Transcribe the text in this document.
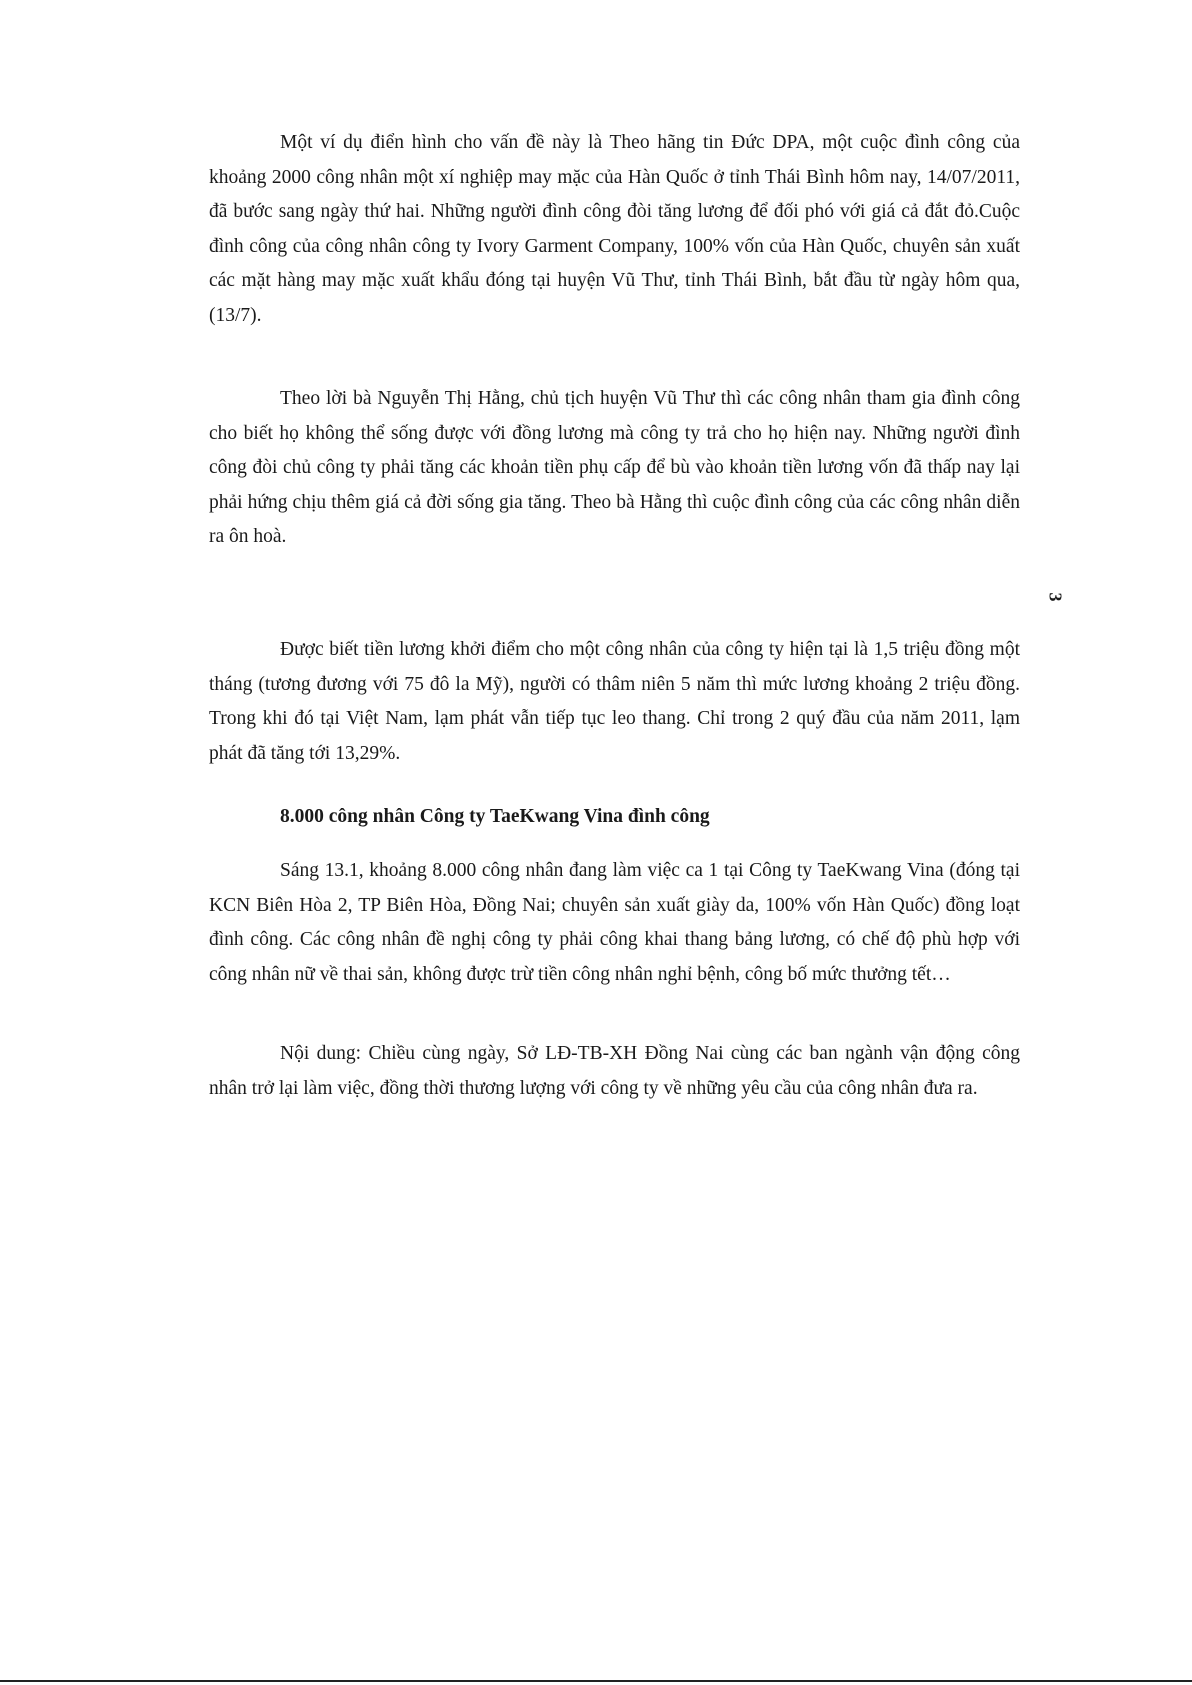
Một ví dụ điển hình cho vấn đề này là Theo hãng tin Đức DPA, một cuộc đình công của khoảng 2000 công nhân một xí nghiệp may mặc của Hàn Quốc ở tỉnh Thái Bình hôm nay, 14/07/2011, đã bước sang ngày thứ hai. Những người đình công đòi tăng lương để đối phó với giá cả đắt đỏ.Cuộc đình công của công nhân công ty Ivory Garment Company, 100% vốn của Hàn Quốc, chuyên sản xuất các mặt hàng may mặc xuất khẩu đóng tại huyện Vũ Thư, tỉnh Thái Bình, bắt đầu từ ngày hôm qua, (13/7).

Theo lời bà Nguyễn Thị Hằng, chủ tịch huyện Vũ Thư thì các công nhân tham gia đình công cho biết họ không thể sống được với đồng lương mà công ty trả cho họ hiện nay. Những người đình công đòi chủ công ty phải tăng các khoản tiền phụ cấp để bù vào khoản tiền lương vốn đã thấp nay lại phải hứng chịu thêm giá cả đời sống gia tăng. Theo bà Hằng thì cuộc đình công của các công nhân diễn ra ôn hoà.

3

Được biết tiền lương khởi điểm cho một công nhân của công ty hiện tại là 1,5 triệu đồng một tháng (tương đương với 75 đô la Mỹ), người có thâm niên 5 năm thì mức lương khoảng 2 triệu đồng. Trong khi đó tại Việt Nam, lạm phát vẫn tiếp tục leo thang. Chỉ trong 2 quý đầu của năm 2011, lạm phát đã tăng tới 13,29%.

8.000 công nhân Công ty TaeKwang Vina đình công

Sáng 13.1, khoảng 8.000 công nhân đang làm việc ca 1 tại Công ty TaeKwang Vina (đóng tại KCN Biên Hòa 2, TP Biên Hòa, Đồng Nai; chuyên sản xuất giày da, 100% vốn Hàn Quốc) đồng loạt đình công. Các công nhân đề nghị công ty phải công khai thang bảng lương, có chế độ phù hợp với công nhân nữ về thai sản, không được trừ tiền công nhân nghỉ bệnh, công bố mức thưởng tết…

Nội dung: Chiều cùng ngày, Sở LĐ-TB-XH Đồng Nai cùng các ban ngành vận động công nhân trở lại làm việc, đồng thời thương lượng với công ty về những yêu cầu của công nhân đưa ra.
